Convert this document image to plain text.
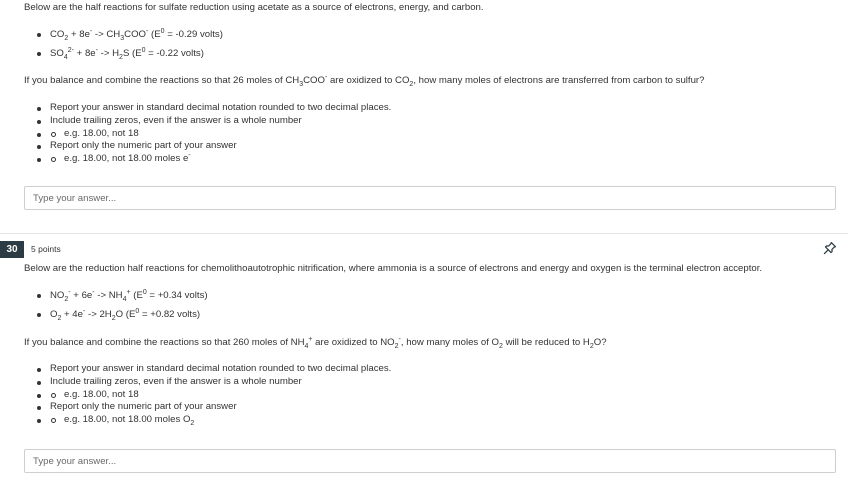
Below are the half reactions for sulfate reduction using acetate as a source of electrons, energy, and carbon.
$CO_2 + 8e^- -> CH_3COO^-$ ($E^0 = -0.29$ volts)
$SO_4^{2-} + 8e^- -> H_2S$ ($E^0 = -0.22$ volts)
If you balance and combine the reactions so that 26 moles of $CH_3COO^-$ are oxidized to $CO_2$, how many moles of electrons are transferred from carbon to sulfur?
Report your answer in standard decimal notation rounded to two decimal places.
Include trailing zeros, even if the answer is a whole number
e.g. 18.00, not 18
Report only the numeric part of your answer
e.g. 18.00, not 18.00 moles e-
Type your answer...
30	5 points
Below are the reduction half reactions for chemolithoautotrophic nitrification, where ammonia is a source of electrons and energy and oxygen is the terminal electron acceptor.
$NO_2^- + 6e^- -> NH_4^+$ ($E^0 = +0.34$ volts)
$O_2 + 4e^- -> 2H_2O$ ($E^0 = +0.82$ volts)
If you balance and combine the reactions so that 260 moles of $NH_4^+$ are oxidized to $NO_2^-$, how many moles of $O_2$ will be reduced to $H_2O$?
Report your answer in standard decimal notation rounded to two decimal places.
Include trailing zeros, even if the answer is a whole number
e.g. 18.00, not 18
Report only the numeric part of your answer
e.g. 18.00, not 18.00 moles $O_2$
Type your answer...
